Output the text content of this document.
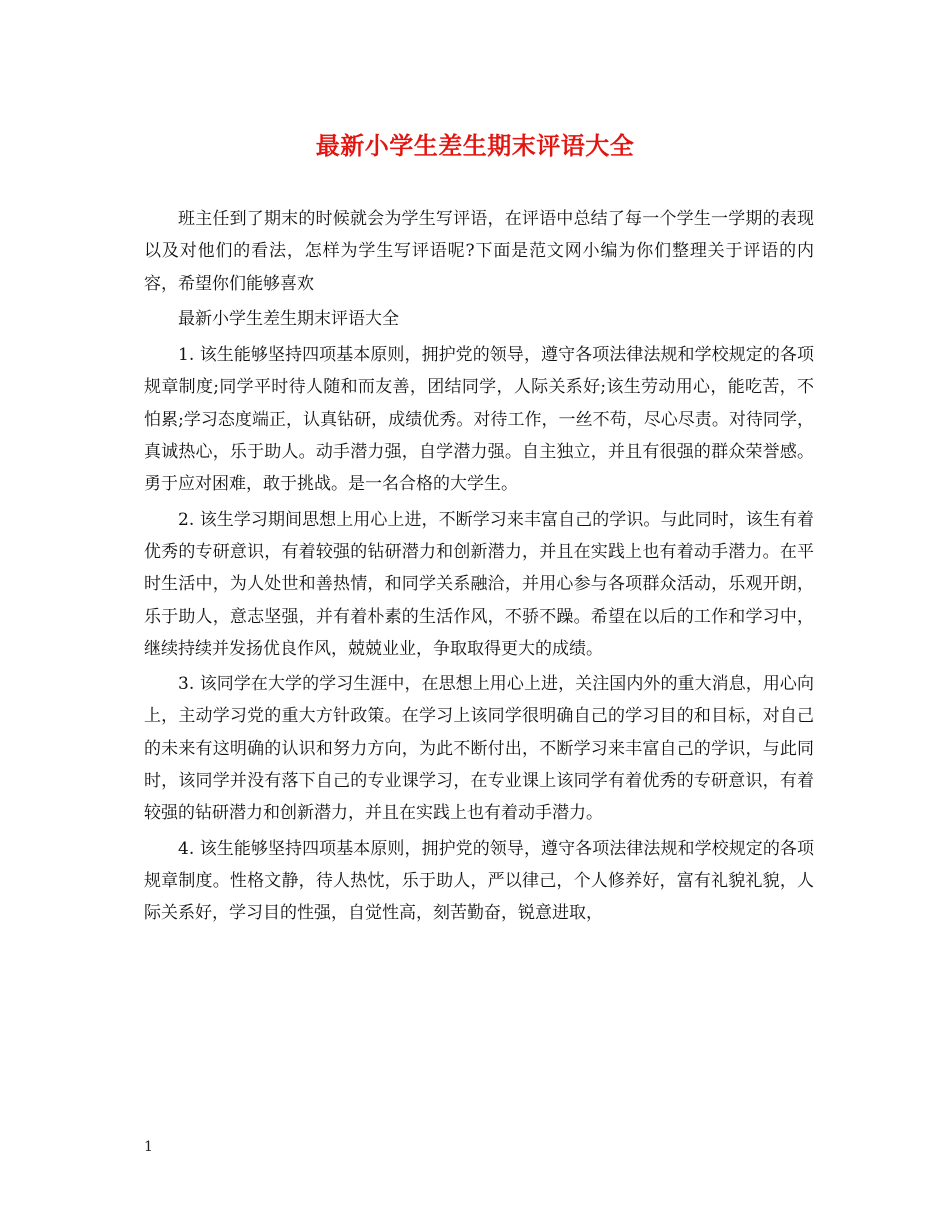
最新小学生差生期末评语大全

班主任到了期末的时候就会为学生写评语，在评语中总结了每一个学生一学期的表现以及对他们的看法，怎样为学生写评语呢?下面是范文网小编为你们整理关于评语的内容，希望你们能够喜欢

最新小学生差生期末评语大全

1. 该生能够坚持四项基本原则，拥护党的领导，遵守各项法律法规和学校规定的各项规章制度;同学平时待人随和而友善，团结同学，人际关系好;该生劳动用心，能吃苦，不怕累;学习态度端正，认真钻研，成绩优秀。对待工作，一丝不苟，尽心尽责。对待同学，真诚热心，乐于助人。动手潜力强，自学潜力强。自主独立，并且有很强的群众荣誉感。勇于应对困难，敢于挑战。是一名合格的大学生。

2. 该生学习期间思想上用心上进，不断学习来丰富自己的学识。与此同时，该生有着优秀的专研意识，有着较强的钻研潜力和创新潜力，并且在实践上也有着动手潜力。在平时生活中，为人处世和善热情，和同学关系融洽，并用心参与各项群众活动，乐观开朗，乐于助人，意志坚强，并有着朴素的生活作风，不骄不躁。希望在以后的工作和学习中，继续持续并发扬优良作风，兢兢业业，争取取得更大的成绩。

3. 该同学在大学的学习生涯中，在思想上用心上进，关注国内外的重大消息，用心向上，主动学习党的重大方针政策。在学习上该同学很明确自己的学习目的和目标，对自己的未来有这明确的认识和努力方向，为此不断付出，不断学习来丰富自己的学识，与此同时，该同学并没有落下自己的专业课学习，在专业课上该同学有着优秀的专研意识，有着较强的钻研潜力和创新潜力，并且在实践上也有着动手潜力。

4. 该生能够坚持四项基本原则，拥护党的领导，遵守各项法律法规和学校规定的各项规章制度。性格文静，待人热忱，乐于助人，严以律己，个人修养好，富有礼貌礼貌，人际关系好，学习目的性强，自觉性高，刻苦勤奋，锐意进取，

1
